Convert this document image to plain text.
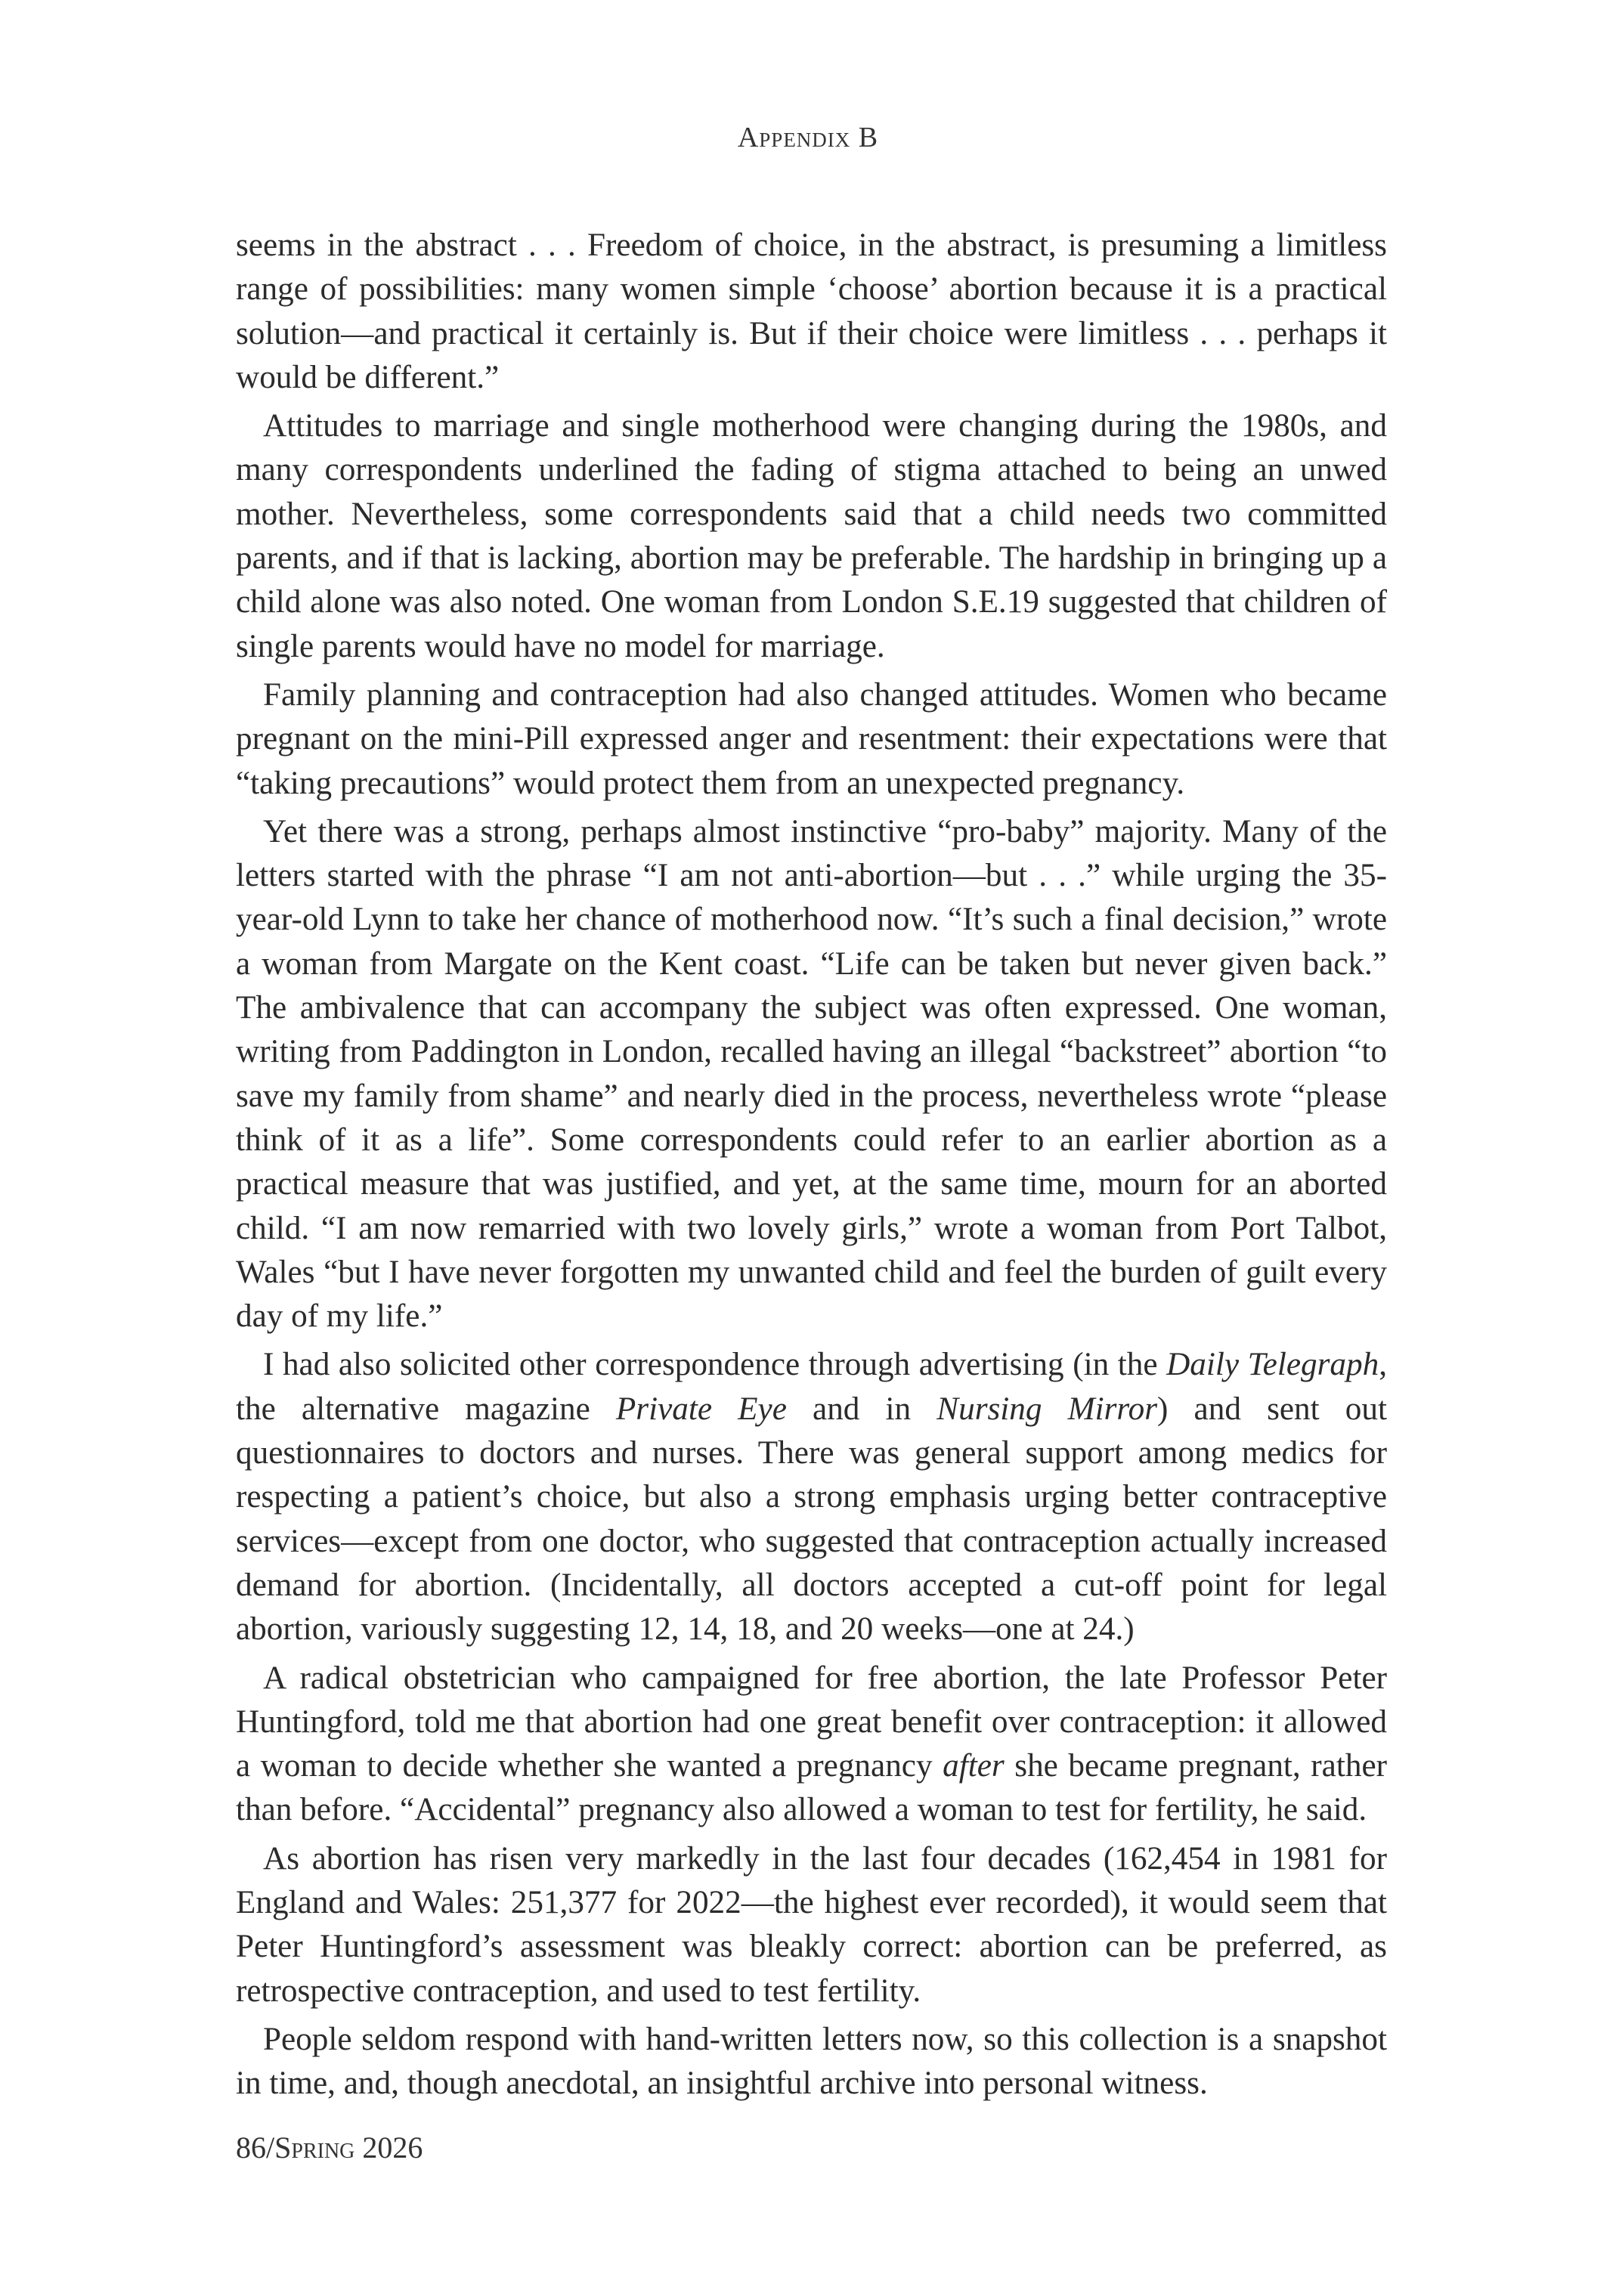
Appendix B

seems in the abstract . . . Freedom of choice, in the abstract, is presuming a limitless range of possibilities: many women simple ‘choose’ abortion because it is a practical solution—and practical it certainly is. But if their choice were limitless . . . perhaps it would be different.”

Attitudes to marriage and single motherhood were changing during the 1980s, and many correspondents underlined the fading of stigma attached to being an unwed mother. Nevertheless, some correspondents said that a child needs two committed parents, and if that is lacking, abortion may be preferable. The hardship in bringing up a child alone was also noted. One woman from London S.E.19 suggested that children of single parents would have no model for marriage.

Family planning and contraception had also changed attitudes. Women who became pregnant on the mini-Pill expressed anger and resentment: their expectations were that “taking precautions” would protect them from an unexpected pregnancy.

Yet there was a strong, perhaps almost instinctive “pro-baby” majority. Many of the letters started with the phrase “I am not anti-abortion—but . . .” while urging the 35-year-old Lynn to take her chance of motherhood now. “It’s such a final decision,” wrote a woman from Margate on the Kent coast. “Life can be taken but never given back.” The ambivalence that can accompany the subject was often expressed. One woman, writing from Paddington in London, recalled having an illegal “backstreet” abortion “to save my family from shame” and nearly died in the process, nevertheless wrote “please think of it as a life”. Some correspondents could refer to an earlier abortion as a practical measure that was justified, and yet, at the same time, mourn for an aborted child. “I am now remarried with two lovely girls,” wrote a woman from Port Talbot, Wales “but I have never forgotten my unwanted child and feel the burden of guilt every day of my life.”

I had also solicited other correspondence through advertising (in the Daily Telegraph, the alternative magazine Private Eye and in Nursing Mirror) and sent out questionnaires to doctors and nurses. There was general support among medics for respecting a patient’s choice, but also a strong emphasis urging better contraceptive services—except from one doctor, who suggested that contraception actually increased demand for abortion. (Incidentally, all doctors accepted a cut-off point for legal abortion, variously suggesting 12, 14, 18, and 20 weeks—one at 24.)

A radical obstetrician who campaigned for free abortion, the late Professor Peter Huntingford, told me that abortion had one great benefit over contraception: it allowed a woman to decide whether she wanted a pregnancy after she became pregnant, rather than before. “Accidental” pregnancy also allowed a woman to test for fertility, he said.

As abortion has risen very markedly in the last four decades (162,454 in 1981 for England and Wales: 251,377 for 2022—the highest ever recorded), it would seem that Peter Huntingford’s assessment was bleakly correct: abortion can be preferred, as retrospective contraception, and used to test fertility.

People seldom respond with hand-written letters now, so this collection is a snapshot in time, and, though anecdotal, an insightful archive into personal witness.

86/Spring 2026
